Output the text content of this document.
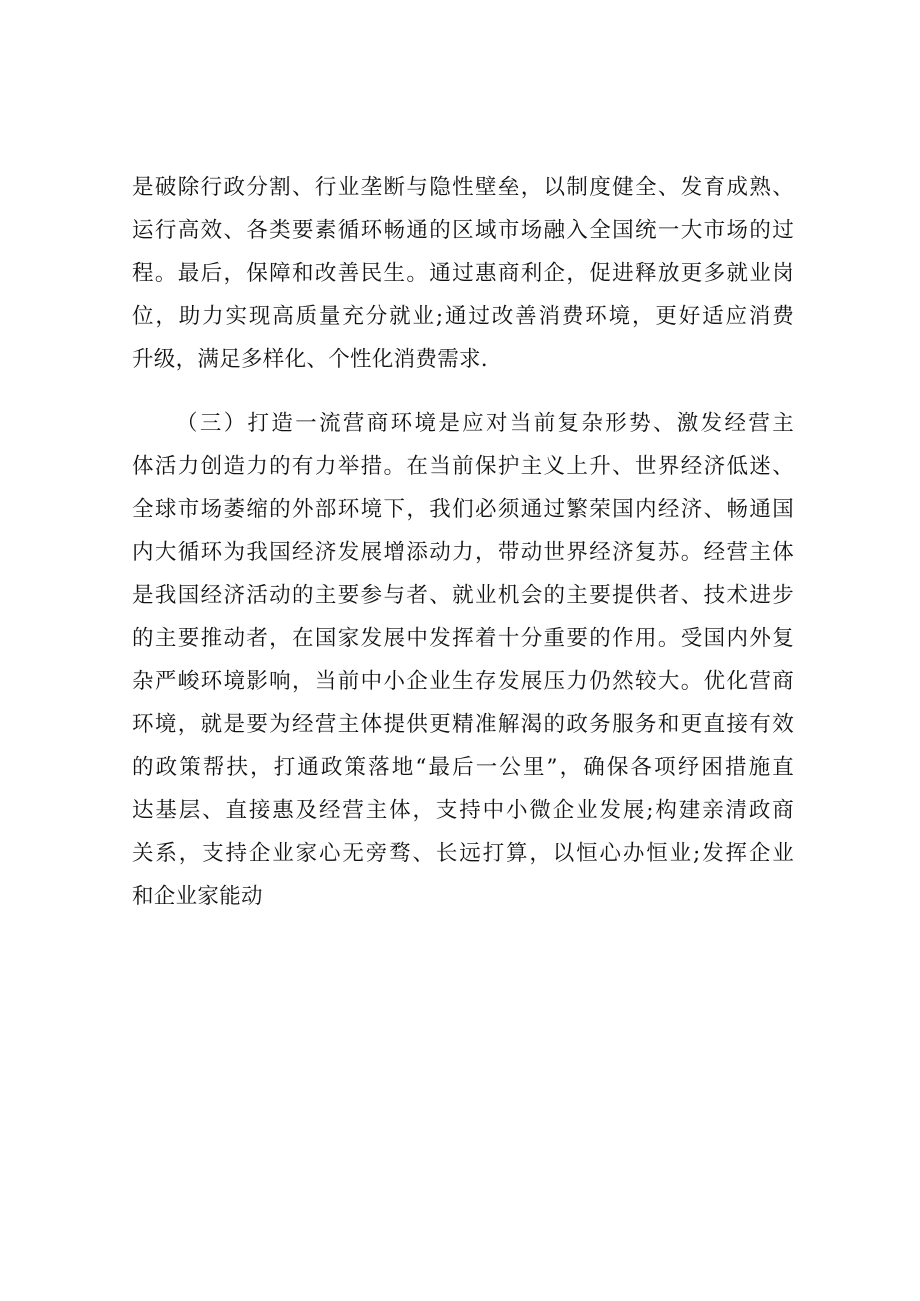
是破除行政分割、行业垄断与隐性壁垒，以制度健全、发育成熟、
运行高效、各类要素循环畅通的区域市场融入全国统一大市场的过
程。最后，保障和改善民生。通过惠商利企，促进释放更多就业岗
位，助力实现高质量充分就业;通过改善消费环境，更好适应消费
升级，满足多样化、个性化消费需求.
（三）打造一流营商环境是应对当前复杂形势、激发经营主
体活力创造力的有力举措。在当前保护主义上升、世界经济低迷、
全球市场萎缩的外部环境下，我们必须通过繁荣国内经济、畅通国
内大循环为我国经济发展增添动力，带动世界经济复苏。经营主体
是我国经济活动的主要参与者、就业机会的主要提供者、技术进步
的主要推动者，在国家发展中发挥着十分重要的作用。受国内外复
杂严峻环境影响，当前中小企业生存发展压力仍然较大。优化营商
环境，就是要为经营主体提供更精准解渴的政务服务和更直接有效
的政策帮扶，打通政策落地“最后一公里”，确保各项纾困措施直
达基层、直接惠及经营主体，支持中小微企业发展;构建亲清政商
关系，支持企业家心无旁骛、长远打算，以恒心办恒业;发挥企业
和企业家能动
